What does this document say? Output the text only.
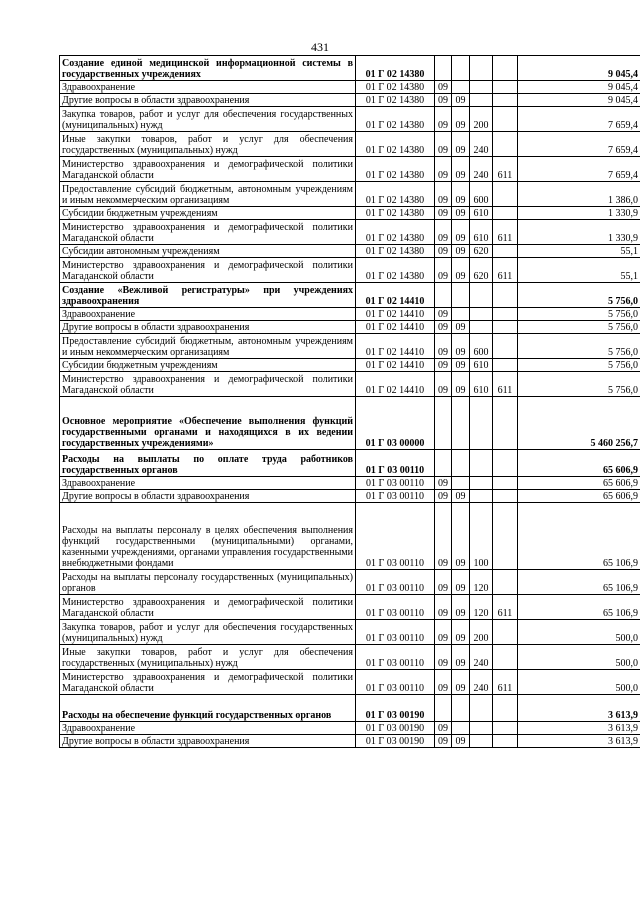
431
Создание единой медицинской информационной системы в государственных учреждениях	01 Г 02 14380					9 045,4
Здравоохранение	01 Г 02 14380	09				9 045,4
Другие вопросы в области здравоохранения	01 Г 02 14380	09	09			9 045,4
Закупка товаров, работ и услуг для обеспечения государственных (муниципальных) нужд	01 Г 02 14380	09	09	200		7 659,4
Иные закупки товаров, работ и услуг для обеспечения государственных (муниципальных) нужд	01 Г 02 14380	09	09	240		7 659,4
Министерство здравоохранения и демографической политики Магаданской области	01 Г 02 14380	09	09	240	611	7 659,4
Предоставление субсидий бюджетным, автономным учреждениям и иным некоммерческим организациям	01 Г 02 14380	09	09	600		1 386,0
Субсидии бюджетным учреждениям	01 Г 02 14380	09	09	610		1 330,9
Министерство здравоохранения и демографической политики Магаданской области	01 Г 02 14380	09	09	610	611	1 330,9
Субсидии автономным учреждениям	01 Г 02 14380	09	09	620		55,1
Министерство здравоохранения и демографической политики Магаданской области	01 Г 02 14380	09	09	620	611	55,1
Создание «Вежливой регистратуры» при учреждениях здравоохранения	01 Г 02 14410					5 756,0
Здравоохранение	01 Г 02 14410	09				5 756,0
Другие вопросы в области здравоохранения	01 Г 02 14410	09	09			5 756,0
Предоставление субсидий бюджетным, автономным учреждениям и иным некоммерческим организациям	01 Г 02 14410	09	09	600		5 756,0
Субсидии бюджетным учреждениям	01 Г 02 14410	09	09	610		5 756,0
Министерство здравоохранения и демографической политики Магаданской области	01 Г 02 14410	09	09	610	611	5 756,0
Основное мероприятие «Обеспечение выполнения функций государственными органами и находящихся в их ведении государственных учреждениями»	01 Г 03 00000					5 460 256,7
Расходы на выплаты по оплате труда работников государственных органов	01 Г 03 00110					65 606,9
Здравоохранение	01 Г 03 00110	09				65 606,9
Другие вопросы в области здравоохранения	01 Г 03 00110	09	09			65 606,9
Расходы на выплаты персоналу в целях обеспечения выполнения функций государственными (муниципальными) органами, казенными учреждениями, органами управления государственными внебюджетными фондами	01 Г 03 00110	09	09	100		65 106,9
Расходы на выплаты персоналу государственных (муниципальных) органов	01 Г 03 00110	09	09	120		65 106,9
Министерство здравоохранения и демографической политики Магаданской области	01 Г 03 00110	09	09	120	611	65 106,9
Закупка товаров, работ и услуг для обеспечения государственных (муниципальных) нужд	01 Г 03 00110	09	09	200		500,0
Иные закупки товаров, работ и услуг для обеспечения государственных (муниципальных) нужд	01 Г 03 00110	09	09	240		500,0
Министерство здравоохранения и демографической политики Магаданской области	01 Г 03 00110	09	09	240	611	500,0
Расходы на обеспечение функций государственных органов	01 Г 03 00190					3 613,9
Здравоохранение	01 Г 03 00190	09				3 613,9
Другие вопросы в области здравоохранения	01 Г 03 00190	09	09			3 613,9
